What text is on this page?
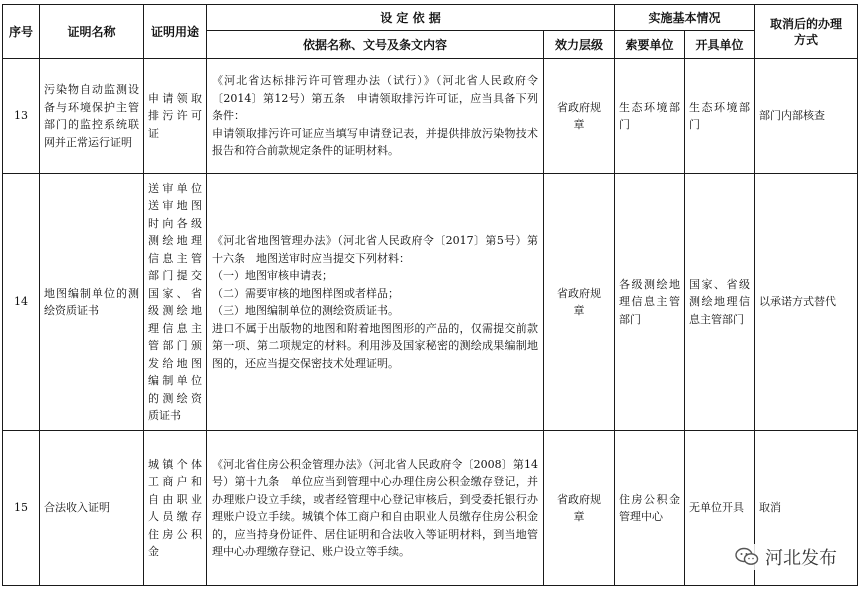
序号	证明名称	证明用途	设 定 依 据		实施基本情况		取消后的办理方式
			依据名称、文号及条文内容	效力层级	索要单位	开具单位	
13	污染物自动监测设备与环境保护主管部门的监控系统联网并正常运行证明	申请领取排污许可证	《河北省达标排污许可管理办法（试行）》（河北省人民政府令〔2014〕第12号）第五条　申请领取排污许可证，应当具备下列条件：
申请领取排污许可证应当填写申请登记表，并提供排放污染物技术报告和符合前款规定条件的证明材料。	省政府规章	生态环境部门	生态环境部门	部门内部核查
14	地图编制单位的测绘资质证书	送审单位送审地图时向各级测绘地理信息主管部门提交国家、省级测绘地理信息主管部门颁发给地图编制单位的测绘资质证书	《河北省地图管理办法》（河北省人民政府令〔2017〕第5号）第十六条　地图送审时应当提交下列材料：
（一）地图审核申请表；
（二）需要审核的地图样图或者样品；
（三）地图编制单位的测绘资质证书。
进口不属于出版物的地图和附着地图图形的产品的，仅需提交前款第一项、第二项规定的材料。利用涉及国家秘密的测绘成果编制地图的，还应当提交保密技术处理证明。	省政府规章	各级测绘地理信息主管部门	国家、省级测绘地理信息主管部门	以承诺方式替代
15	合法收入证明	城镇个体工商户和自由职业人员缴存住房公积金	《河北省住房公积金管理办法》（河北省人民政府令〔2008〕第14号）第十九条　单位应当到管理中心办理住房公积金缴存登记，并办理账户设立手续，或者经管理中心登记审核后，到受委托银行办理账户设立手续。城镇个体工商户和自由职业人员缴存住房公积金的，应当持身份证件、居住证明和合法收入等证明材料，到当地管理中心办理缴存登记、账户设立等手续。	省政府规章	住房公积金管理中心	无单位开具	取消
河北发布
